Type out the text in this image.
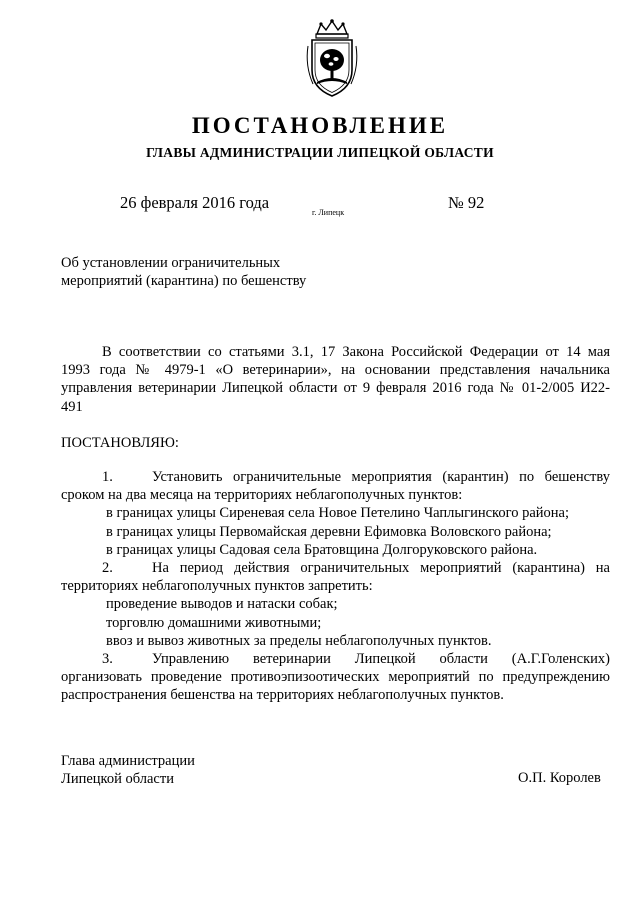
ПОСТАНОВЛЕНИЕ
ГЛАВЫ АДМИНИСТРАЦИИ ЛИПЕЦКОЙ ОБЛАСТИ
26 февраля 2016 года
г. Липецк
№ 92
Об установлении ограничительных
мероприятий (карантина) по бешенству
В соответствии со статьями 3.1, 17 Закона Российской Федерации от 14 мая
1993 года № 4979-1 «О ветеринарии», на основании представления начальника
управления ветеринарии Липецкой области от 9 февраля 2016 года № 01-2/005 И22-
491
ПОСТАНОВЛЯЮ:
1.	Установить ограничительные мероприятия (карантин) по бешенству
сроком на два месяца на территориях неблагополучных пунктов:
в границах улицы Сиреневая села Новое Петелино Чаплыгинского района;
в границах улицы Первомайская деревни Ефимовка Воловского района;
в границах улицы Садовая села Братовщина Долгоруковского района.
2.	На период действия ограничительных мероприятий (карантина) на
территориях неблагополучных пунктов запретить:
проведение выводов и натаски собак;
торговлю домашними животными;
ввоз и вывоз животных за пределы неблагополучных пунктов.
3.	Управлению ветеринарии Липецкой области (А.Г.Голенских)
организовать проведение противоэпизоотических мероприятий по предупреждению
распространения бешенства на территориях неблагополучных пунктов.
Глава администрации
Липецкой области	О.П. Королев
